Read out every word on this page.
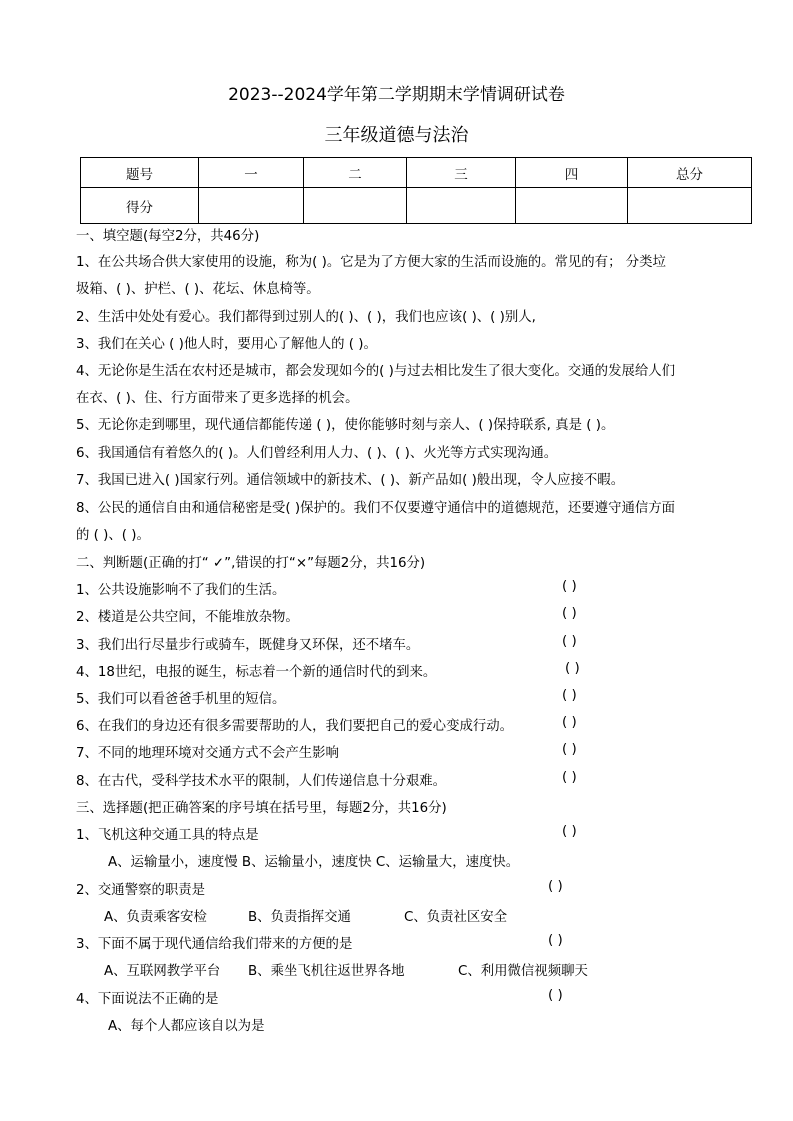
2023--2024学年第二学期期末学情调研试卷
三年级道德与法治
题号	一	二	三	四	总分
得分					
一、填空题(每空2分，共46分)
1、在公共场合供大家使用的设施，称为( )。它是为了方便大家的生活而设施的。常见的有； 分类垃
圾箱、( )、护栏、( )、花坛、休息椅等。
2、生活中处处有爱心。我们都得到过别人的( )、( )，我们也应该( )、( )别人,
3、我们在关心 ( )他人时，要用心了解他人的 ( )。
4、无论你是生活在农村还是城市，都会发现如今的( )与过去相比发生了很大变化。交通的发展给人们
在衣、( )、住、行方面带来了更多选择的机会。
5、无论你走到哪里，现代通信都能传递 ( )，使你能够时刻与亲人、( )保持联系, 真是 ( )。
6、我国通信有着悠久的( )。人们曾经利用人力、( )、( )、火光等方式实现沟通。
7、我国已进入( )国家行列。通信领域中的新技术、( )、新产品如( )般出现，令人应接不暇。
8、公民的通信自由和通信秘密是受( )保护的。我们不仅要遵守通信中的道德规范，还要遵守通信方面
的 ( )、( )。
二、判断题(正确的打“ ✓”,错误的打“×”每题2分，共16分)
1、公共设施影响不了我们的生活。	( )
2、楼道是公共空间，不能堆放杂物。	( )
3、我们出行尽量步行或骑车，既健身又环保，还不堵车。	( )
4、18世纪，电报的诞生，标志着一个新的通信时代的到来。	( )
5、我们可以看爸爸手机里的短信。	( )
6、在我们的身边还有很多需要帮助的人，我们要把自己的爱心变成行动。	( )
7、不同的地理环境对交通方式不会产生影响	( )
8、在古代，受科学技术水平的限制，人们传递信息十分艰难。	( )
三、选择题(把正确答案的序号填在括号里，每题2分，共16分)
1、飞机这种交通工具的特点是	( )
A、运输量小，速度慢 B、运输量小，速度快 C、运输量大，速度快。
2、交通警察的职责是	( )
A、负责乘客安检	B、负责指挥交通	C、负责社区安全
3、下面不属于现代通信给我们带来的方便的是	( )
A、互联网教学平台 B、乘坐飞机往返世界各地	C、利用微信视频聊天
4、下面说法不正确的是	( )
A、每个人都应该自以为是
